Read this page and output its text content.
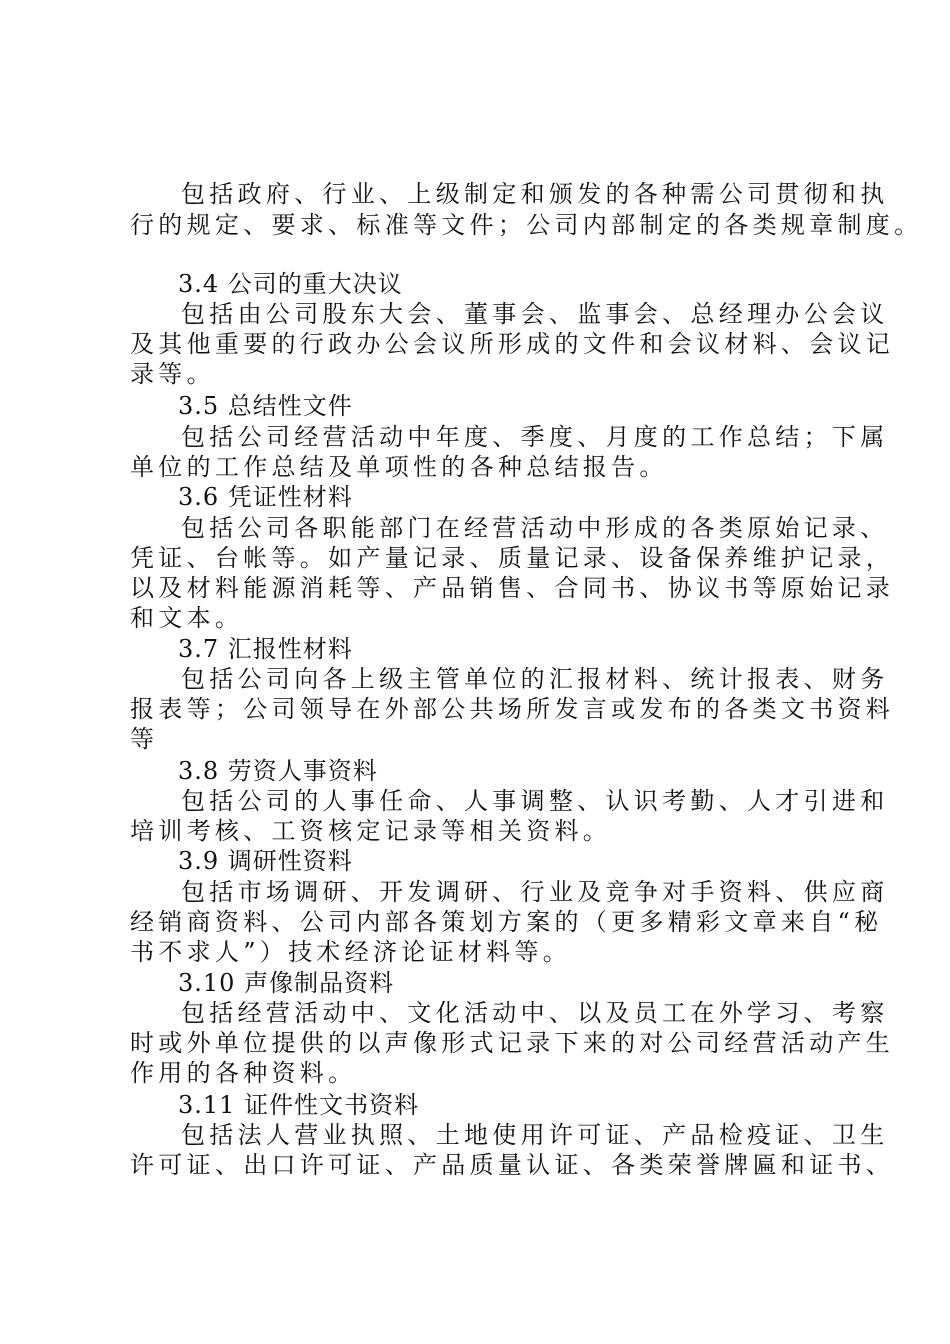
包括政府、行业、上级制定和颁发的各种需公司贯彻和执
行的规定、要求、标准等文件；公司内部制定的各类规章制度。
3.4 公司的重大决议
包括由公司股东大会、董事会、监事会、总经理办公会议
及其他重要的行政办公会议所形成的文件和会议材料、会议记
录等。
3.5 总结性文件
包括公司经营活动中年度、季度、月度的工作总结；下属
单位的工作总结及单项性的各种总结报告。
3.6 凭证性材料
包括公司各职能部门在经营活动中形成的各类原始记录、
凭证、台帐等。如产量记录、质量记录、设备保养维护记录，
以及材料能源消耗等、产品销售、合同书、协议书等原始记录
和文本。
3.7 汇报性材料
包括公司向各上级主管单位的汇报材料、统计报表、财务
报表等；公司领导在外部公共场所发言或发布的各类文书资料
等
3.8 劳资人事资料
包括公司的人事任命、人事调整、认识考勤、人才引进和
培训考核、工资核定记录等相关资料。
3.9 调研性资料
包括市场调研、开发调研、行业及竞争对手资料、供应商
经销商资料、公司内部各策划方案的（更多精彩文章来自“秘
书不求人”）技术经济论证材料等。
3.10 声像制品资料
包括经营活动中、文化活动中、以及员工在外学习、考察
时或外单位提供的以声像形式记录下来的对公司经营活动产生
作用的各种资料。
3.11 证件性文书资料
包括法人营业执照、土地使用许可证、产品检疫证、卫生
许可证、出口许可证、产品质量认证、各类荣誉牌匾和证书、
